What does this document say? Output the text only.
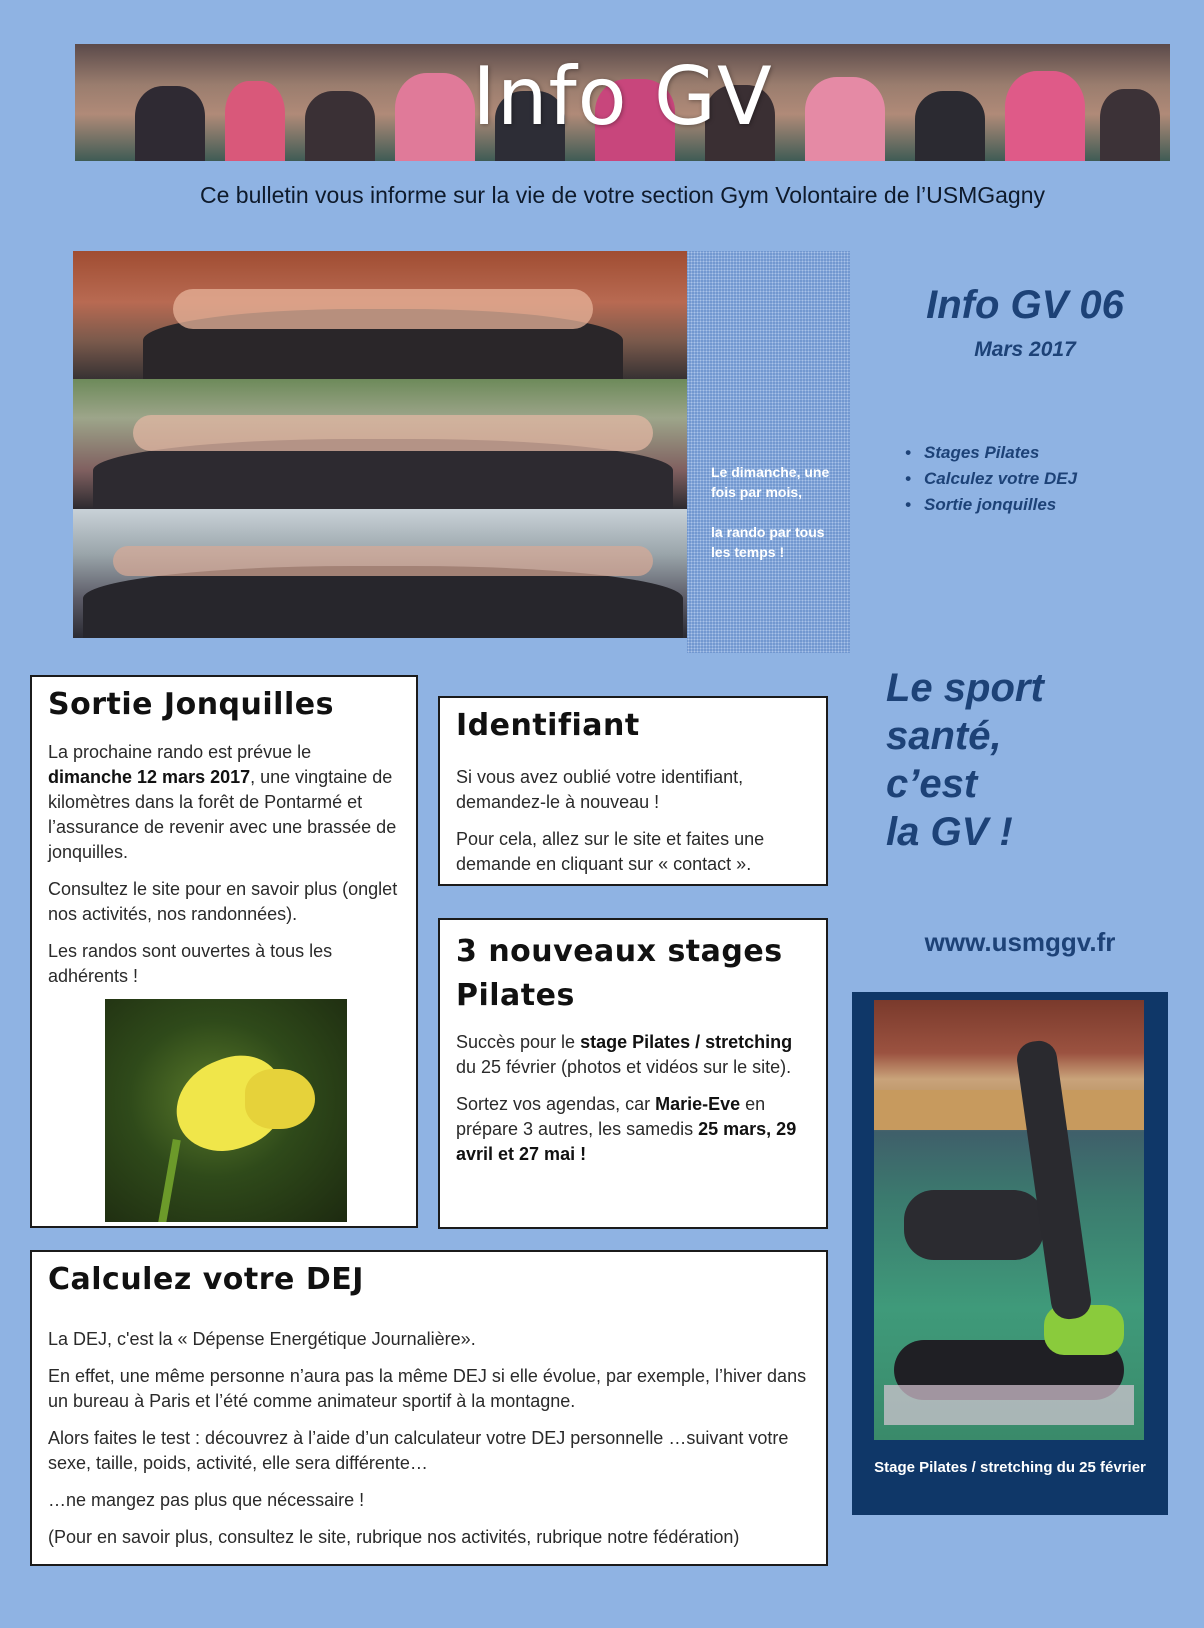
Info GV
Ce bulletin vous informe sur la vie de votre section Gym Volontaire de l’USMGagny

Le dimanche, une fois par mois,

la rando par tous les temps !

Info GV 06
Mars 2017
• Stages Pilates
• Calculez votre DEJ
• Sortie jonquilles
Le sport
santé,
c’est
la GV !
www.usmggv.fr
Stage Pilates / stretching du 25 février
Sortie Jonquilles

La prochaine rando est prévue le dimanche 12 mars 2017, une vingtaine de kilomètres dans la forêt de Pontarmé et l’assurance de revenir avec une brassée de jonquilles.

Consultez le site pour en savoir plus (onglet nos activités, nos randonnées).

Les randos sont ouvertes à tous les adhérents !

Identifiant

Si vous avez oublié votre identifiant, demandez-le à nouveau !

Pour cela, allez sur le site et faites une demande en cliquant sur « contact ».

3 nouveaux stages Pilates

Succès pour le stage Pilates / stretching du 25 février (photos et vidéos sur le site).

Sortez vos agendas, car Marie-Eve en prépare 3 autres, les samedis 25 mars, 29 avril et 27 mai !

Calculez votre DEJ

La DEJ, c'est la « Dépense Energétique Journalière».

En effet, une même personne n’aura pas la même DEJ si elle évolue, par exemple, l’hiver dans un bureau à Paris et l’été comme animateur sportif à la montagne.

Alors faites le test : découvrez à l’aide d’un calculateur votre DEJ personnelle …suivant votre sexe, taille, poids, activité, elle sera différente…

…ne mangez pas plus que nécessaire !

(Pour en savoir plus, consultez le site, rubrique nos activités, rubrique notre fédération)
